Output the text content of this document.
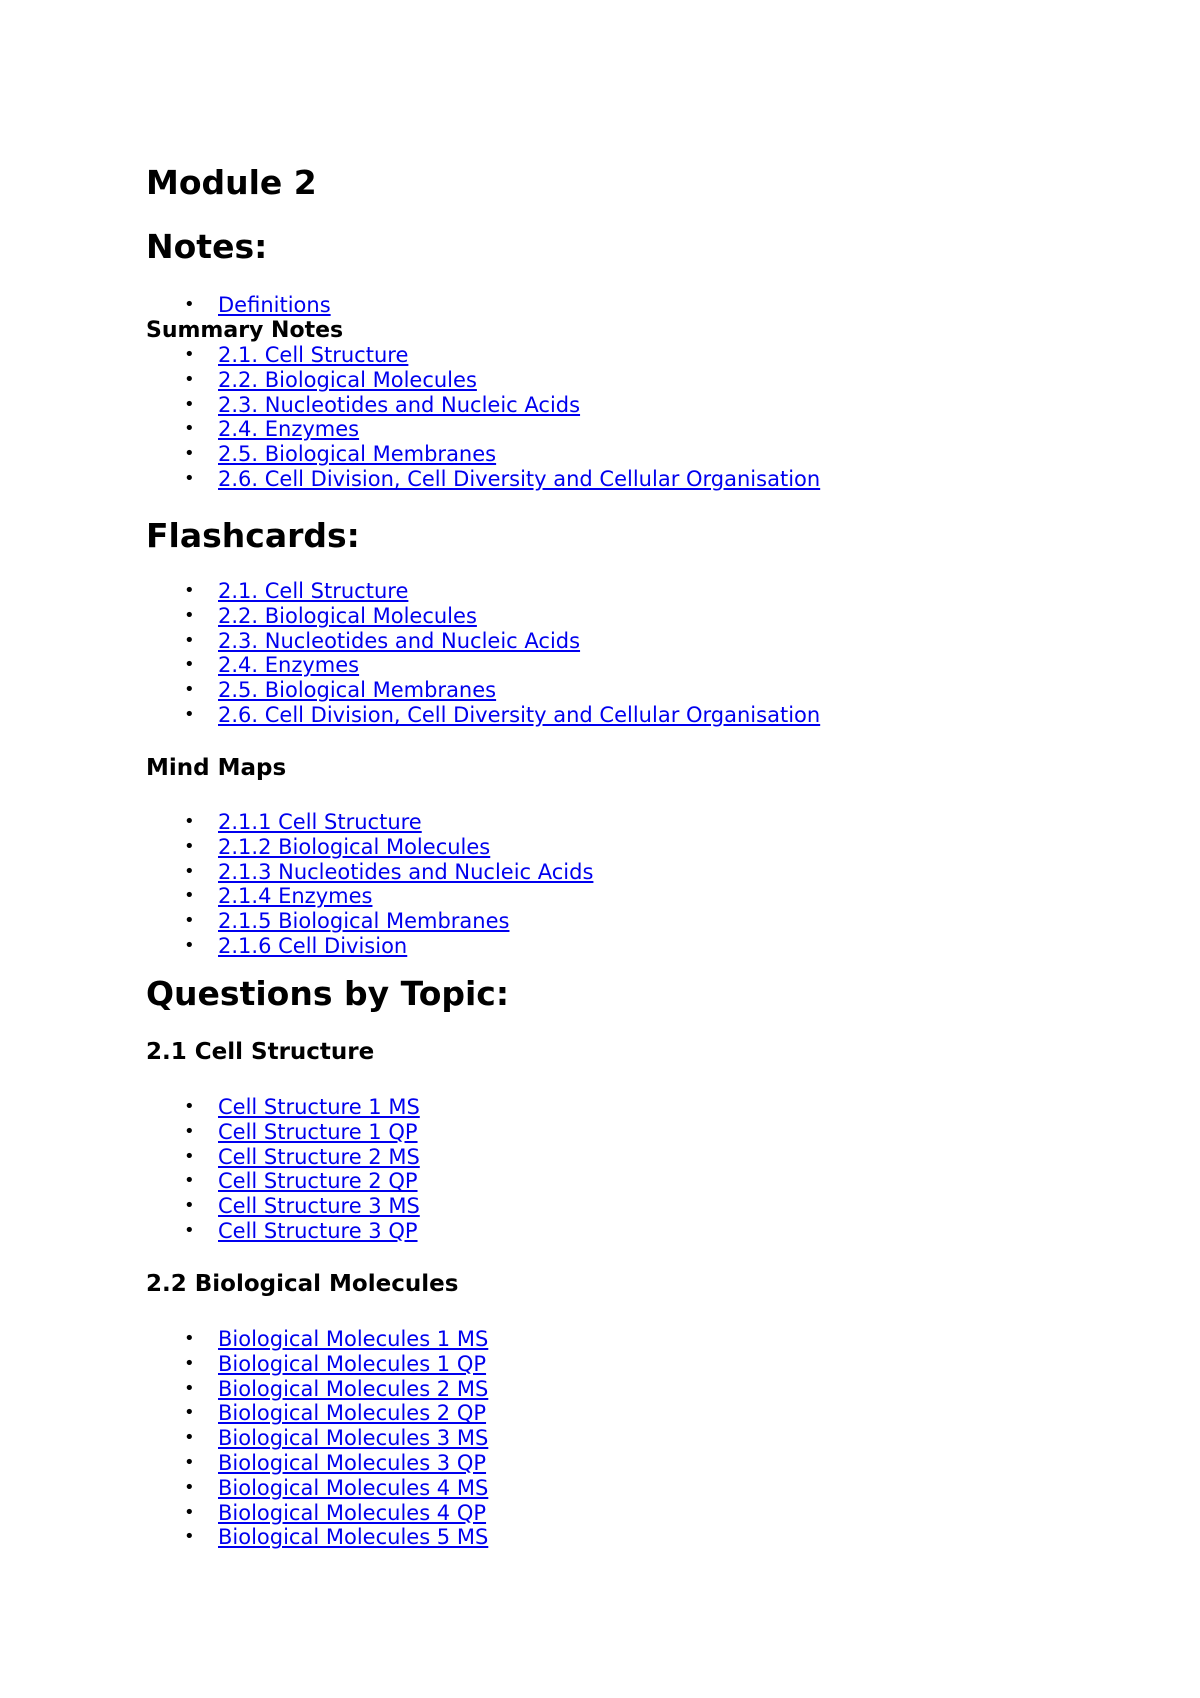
Module 2
Notes:
• Definitions
Summary Notes
• 2.1. Cell Structure
• 2.2. Biological Molecules
• 2.3. Nucleotides and Nucleic Acids
• 2.4. Enzymes
• 2.5. Biological Membranes
• 2.6. Cell Division, Cell Diversity and Cellular Organisation
Flashcards:
• 2.1. Cell Structure
• 2.2. Biological Molecules
• 2.3. Nucleotides and Nucleic Acids
• 2.4. Enzymes
• 2.5. Biological Membranes
• 2.6. Cell Division, Cell Diversity and Cellular Organisation
Mind Maps
• 2.1.1 Cell Structure
• 2.1.2 Biological Molecules
• 2.1.3 Nucleotides and Nucleic Acids
• 2.1.4 Enzymes
• 2.1.5 Biological Membranes
• 2.1.6 Cell Division
Questions by Topic:
2.1 Cell Structure
• Cell Structure 1 MS
• Cell Structure 1 QP
• Cell Structure 2 MS
• Cell Structure 2 QP
• Cell Structure 3 MS
• Cell Structure 3 QP
2.2 Biological Molecules
• Biological Molecules 1 MS
• Biological Molecules 1 QP
• Biological Molecules 2 MS
• Biological Molecules 2 QP
• Biological Molecules 3 MS
• Biological Molecules 3 QP
• Biological Molecules 4 MS
• Biological Molecules 4 QP
• Biological Molecules 5 MS
